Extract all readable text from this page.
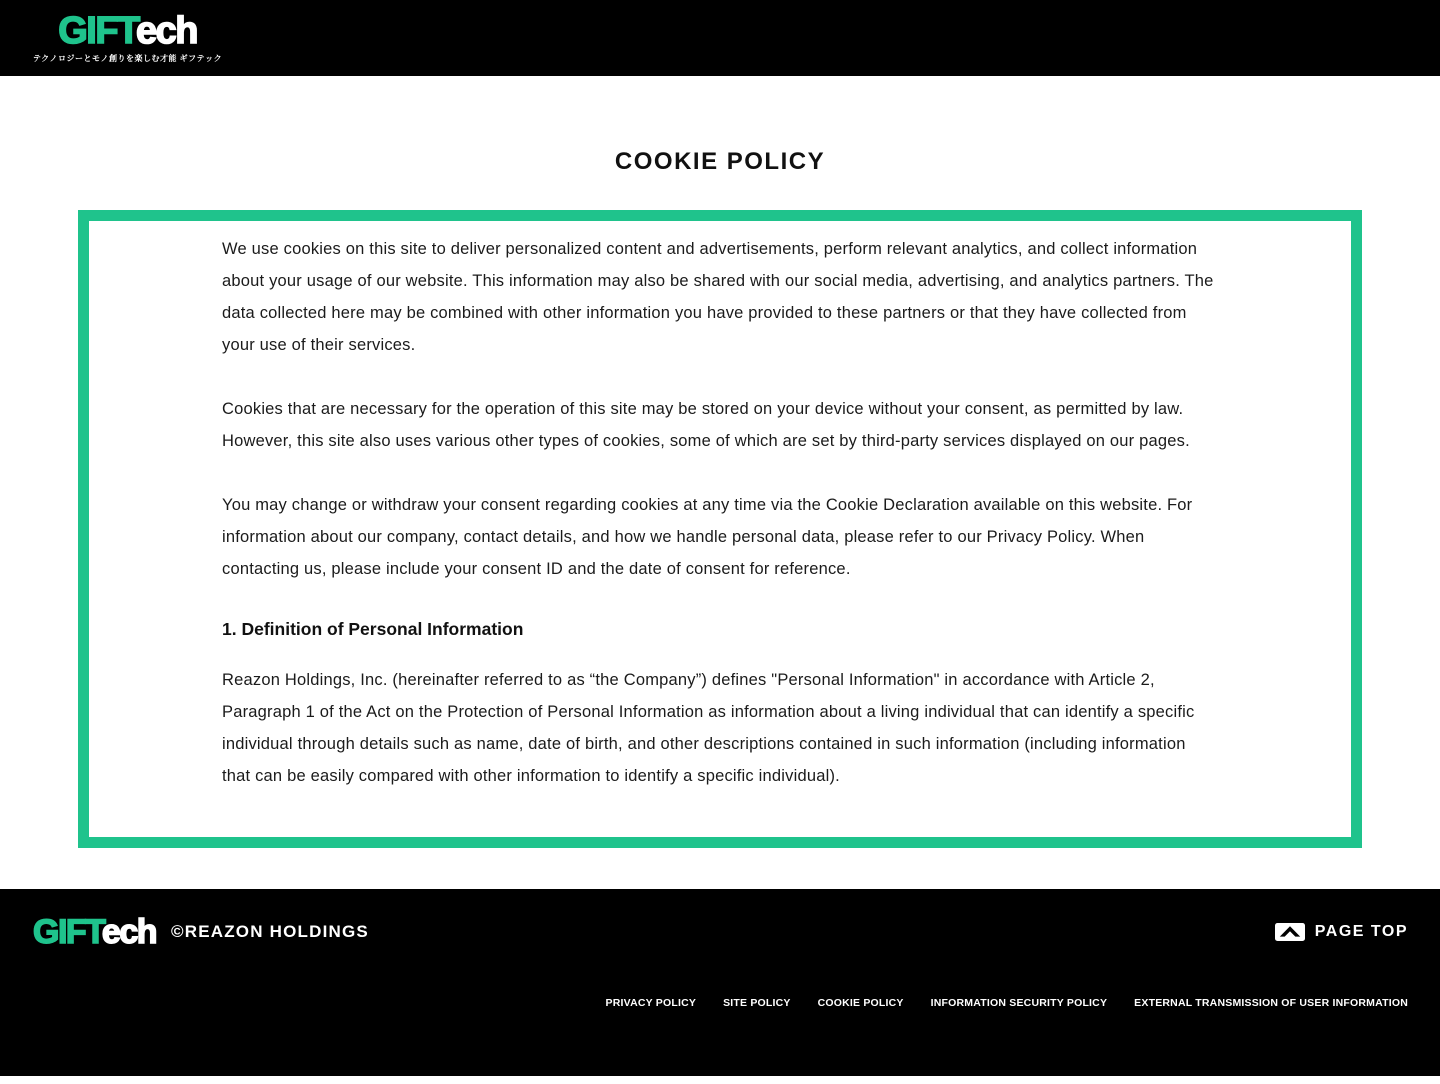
GIFTech
テクノロジーとモノ創りを楽しむ才能 ギフテック
COOKIE POLICY

We use cookies on this site to deliver personalized content and advertisements, perform relevant analytics, and collect information about your usage of our website. This information may also be shared with our social media, advertising, and analytics partners. The data collected here may be combined with other information you have provided to these partners or that they have collected from your use of their services.

Cookies that are necessary for the operation of this site may be stored on your device without your consent, as permitted by law. However, this site also uses various other types of cookies, some of which are set by third-party services displayed on our pages.

You may change or withdraw your consent regarding cookies at any time via the Cookie Declaration available on this website. For information about our company, contact details, and how we handle personal data, please refer to our Privacy Policy. When contacting us, please include your consent ID and the date of consent for reference.

1. Definition of Personal Information

Reazon Holdings, Inc. (hereinafter referred to as “the Company”) defines "Personal Information" in accordance with Article 2, Paragraph 1 of the Act on the Protection of Personal Information as information about a living individual that can identify a specific individual through details such as name, date of birth, and other descriptions contained in such information (including information that can be easily compared with other information to identify a specific individual).

GIFTech ©REAZON HOLDINGS	PAGE TOP
PRIVACY POLICY	SITE POLICY	COOKIE POLICY	INFORMATION SECURITY POLICY	EXTERNAL TRANSMISSION OF USER INFORMATION
